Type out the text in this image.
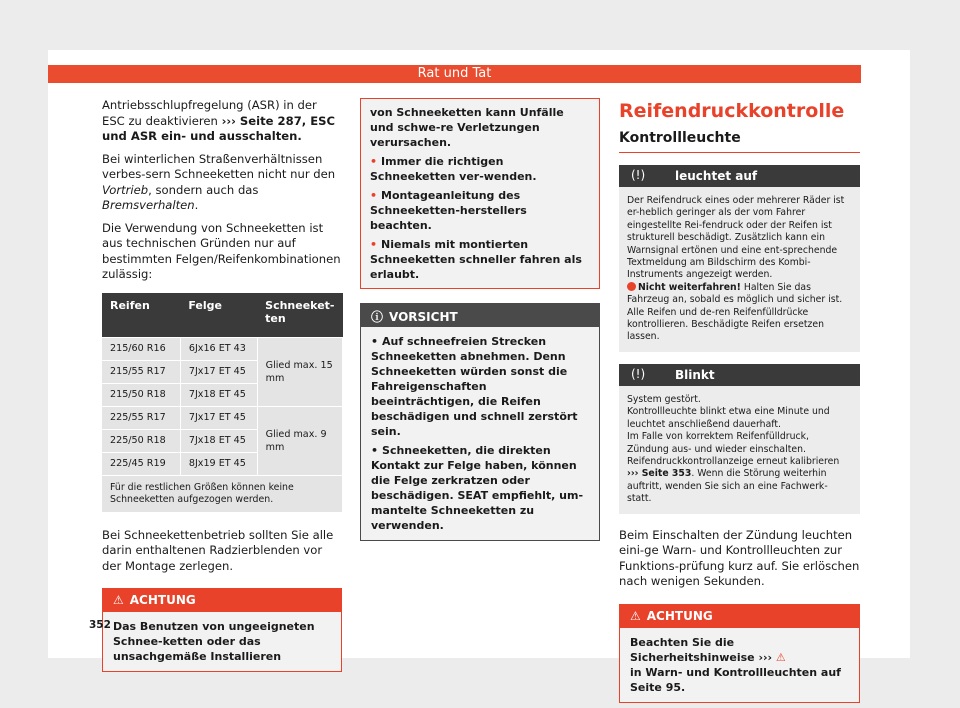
Rat und Tat

Antriebsschlupfregelung (ASR) in der ESC zu deaktivieren ››› Seite 287, ESC und ASR ein- und ausschalten.

Bei winterlichen Straßenverhältnissen verbes-sern Schneeketten nicht nur den Vortrieb, sondern auch das Bremsverhalten.

Die Verwendung von Schneeketten ist aus technischen Gründen nur auf bestimmten Felgen/Reifenkombinationen zulässig:

Reifen	Felge	Schneeket-ten
215/60 R16	6Jx16 ET 43	Glied max. 15 mm
215/55 R17	7Jx17 ET 45	
215/50 R18	7Jx18 ET 45	
225/55 R17	7Jx17 ET 45	Glied max. 9 mm
225/50 R18	7Jx18 ET 45	
225/45 R19	8Jx19 ET 45	
Für die restlichen Größen können keine Schneeketten aufgezogen werden.		

Bei Schneekettenbetrieb sollten Sie alle darin enthaltenen Radzierblenden vor der Montage zerlegen.

⚠ ACHTUNG
Das Benutzen von ungeeigneten Schnee-ketten oder das unsachgemäße Installieren
von Schneeketten kann Unfälle und schwe-re Verletzungen verursachen.
• Immer die richtigen Schneeketten ver-wenden.
• Montageanleitung des Schneeketten-herstellers beachten.
• Niemals mit montierten Schneeketten schneller fahren als erlaubt.
ⓘ VORSICHT
• Auf schneefreien Strecken Schneeketten abnehmen. Denn Schneeketten würden sonst die Fahreigenschaften beeinträchtigen, die Reifen beschädigen und schnell zerstört sein.
• Schneeketten, die direkten Kontakt zur Felge haben, können die Felge zerkratzen oder beschädigen. SEAT empfiehlt, um-mantelte Schneeketten zu verwenden.
Reifendruckkontrolle
Kontrollleuchte
(!) leuchtet auf
Der Reifendruck eines oder mehrerer Räder ist er-heblich geringer als der vom Fahrer eingestellte Rei-fendruck oder der Reifen ist strukturell beschädigt. Zusätzlich kann ein Warnsignal ertönen und eine ent-sprechende Textmeldung am Bildschirm des Kombi-Instruments angezeigt werden.
Nicht weiterfahren! Halten Sie das Fahrzeug an, sobald es möglich und sicher ist. Alle Reifen und de-ren Reifenfülldrücke kontrollieren. Beschädigte Reifen ersetzen lassen.
(!) Blinkt
System gestört.
Kontrollleuchte blinkt etwa eine Minute und leuchtet anschließend dauerhaft.
Im Falle von korrektem Reifenfülldruck, Zündung aus- und wieder einschalten. Reifendruckkontrollanzeige erneut kalibrieren ››› Seite 353. Wenn die Störung weiterhin auftritt, wenden Sie sich an eine Fachwerk-statt.

Beim Einschalten der Zündung leuchten eini-ge Warn- und Kontrollleuchten zur Funktions-prüfung kurz auf. Sie erlöschen nach wenigen Sekunden.

⚠ ACHTUNG
Beachten Sie die Sicherheitshinweise ››› ⚠
in Warn- und Kontrollleuchten auf Seite 95.
352
